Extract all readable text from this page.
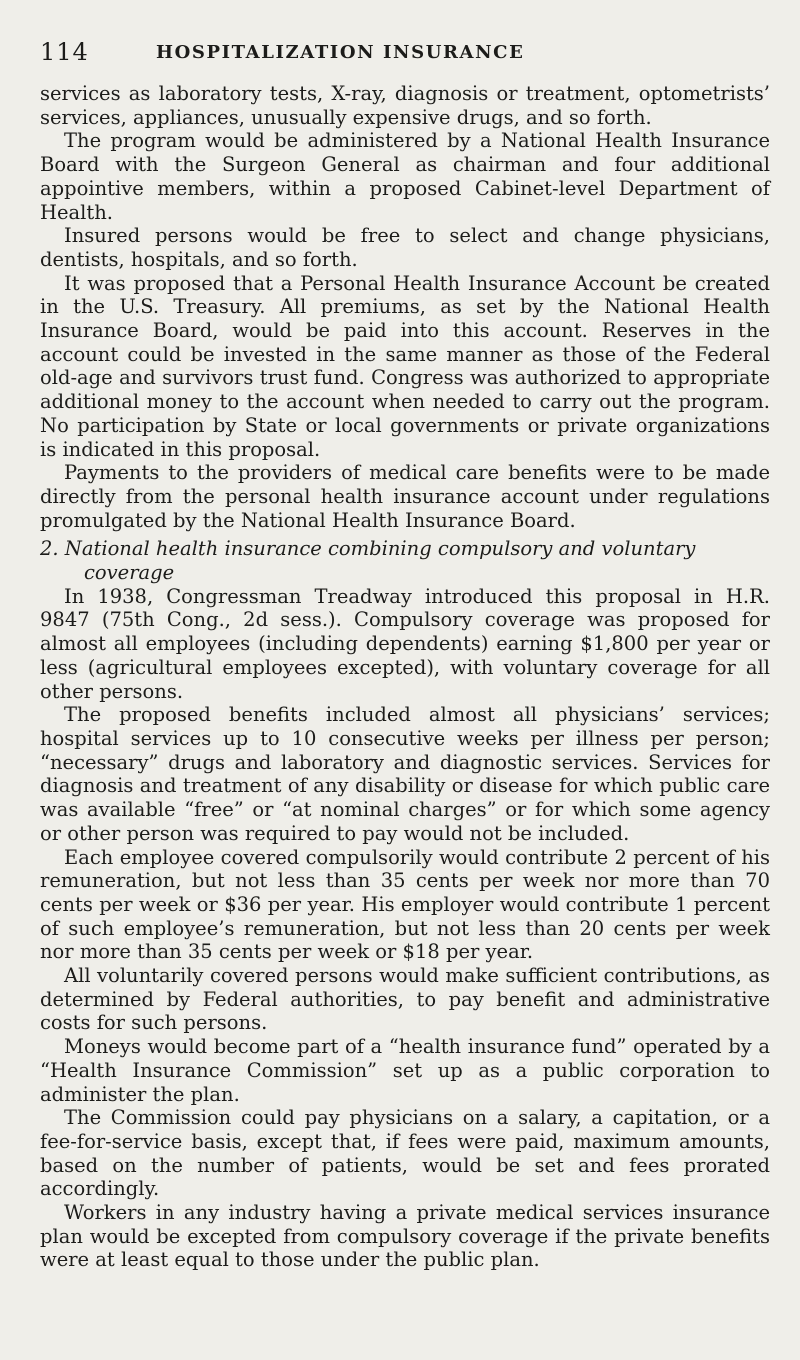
114	HOSPITALIZATION INSURANCE

services as laboratory tests, X-ray, diagnosis or treatment, optometrists’ services, appliances, unusually expensive drugs, and so forth.

The program would be administered by a National Health Insurance Board with the Surgeon General as chairman and four additional appointive members, within a proposed Cabinet-level Department of Health.

Insured persons would be free to select and change physicians, dentists, hospitals, and so forth.

It was proposed that a Personal Health Insurance Account be created in the U.S. Treasury. All premiums, as set by the National Health Insurance Board, would be paid into this account. Reserves in the account could be invested in the same manner as those of the Federal old-age and survivors trust fund. Congress was authorized to appropriate additional money to the account when needed to carry out the program. No participation by State or local governments or private organizations is indicated in this proposal.

Payments to the providers of medical care benefits were to be made directly from the personal health insurance account under regulations promulgated by the National Health Insurance Board.

2. National health insurance combining compulsory and voluntary
coverage

In 1938, Congressman Treadway introduced this proposal in H.R. 9847 (75th Cong., 2d sess.). Compulsory coverage was proposed for almost all employees (including dependents) earning $1,800 per year or less (agricultural employees excepted), with voluntary coverage for all other persons.

The proposed benefits included almost all physicians’ services; hospital services up to 10 consecutive weeks per illness per person; “necessary” drugs and laboratory and diagnostic services. Services for diagnosis and treatment of any disability or disease for which public care was available “free” or “at nominal charges” or for which some agency or other person was required to pay would not be included.

Each employee covered compulsorily would contribute 2 percent of his remuneration, but not less than 35 cents per week nor more than 70 cents per week or $36 per year. His employer would contribute 1 percent of such employee’s remuneration, but not less than 20 cents per week nor more than 35 cents per week or $18 per year.

All voluntarily covered persons would make sufficient contributions, as determined by Federal authorities, to pay benefit and administrative costs for such persons.

Moneys would become part of a “health insurance fund” operated by a “Health Insurance Commission” set up as a public corporation to administer the plan.

The Commission could pay physicians on a salary, a capitation, or a fee-for-service basis, except that, if fees were paid, maximum amounts, based on the number of patients, would be set and fees prorated accordingly.

Workers in any industry having a private medical services insurance plan would be excepted from compulsory coverage if the private benefits were at least equal to those under the public plan.
